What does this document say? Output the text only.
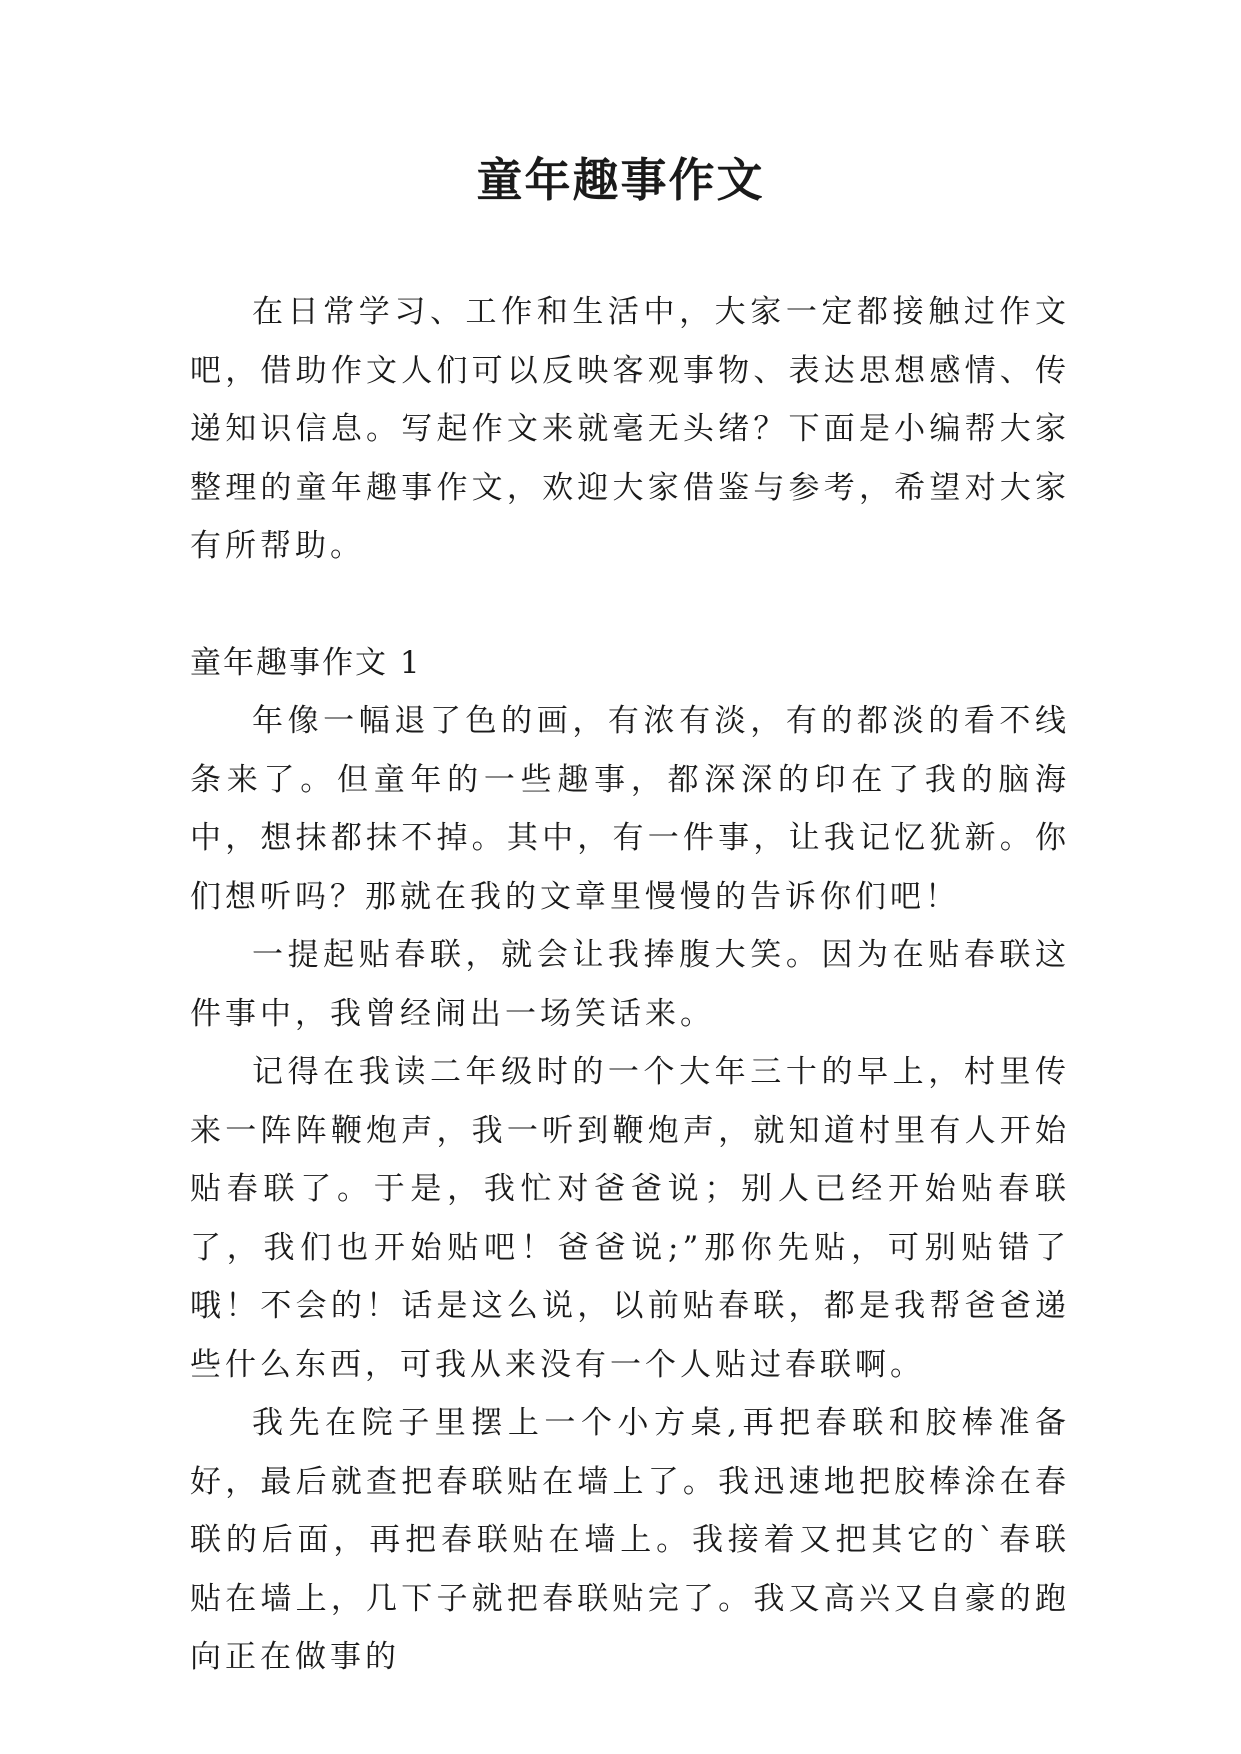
童年趣事作文

在日常学习、工作和生活中，大家一定都接触过作文吧，借助作文人们可以反映客观事物、表达思想感情、传递知识信息。写起作文来就毫无头绪？下面是小编帮大家整理的童年趣事作文，欢迎大家借鉴与参考，希望对大家有所帮助。

童年趣事作文 1

年像一幅退了色的画，有浓有淡，有的都淡的看不线条来了。但童年的一些趣事，都深深的印在了我的脑海中，想抹都抹不掉。其中，有一件事，让我记忆犹新。你们想听吗？那就在我的文章里慢慢的告诉你们吧！

一提起贴春联，就会让我捧腹大笑。因为在贴春联这件事中，我曾经闹出一场笑话来。

记得在我读二年级时的一个大年三十的早上，村里传来一阵阵鞭炮声，我一听到鞭炮声，就知道村里有人开始贴春联了。于是，我忙对爸爸说；别人已经开始贴春联了，我们也开始贴吧！爸爸说;”那你先贴，可别贴错了哦！不会的！话是这么说，以前贴春联，都是我帮爸爸递些什么东西，可我从来没有一个人贴过春联啊。

我先在院子里摆上一个小方桌,再把春联和胶棒准备好，最后就查把春联贴在墙上了。我迅速地把胶棒涂在春联的后面，再把春联贴在墙上。我接着又把其它的`春联贴在墙上，几下子就把春联贴完了。我又高兴又自豪的跑向正在做事的
